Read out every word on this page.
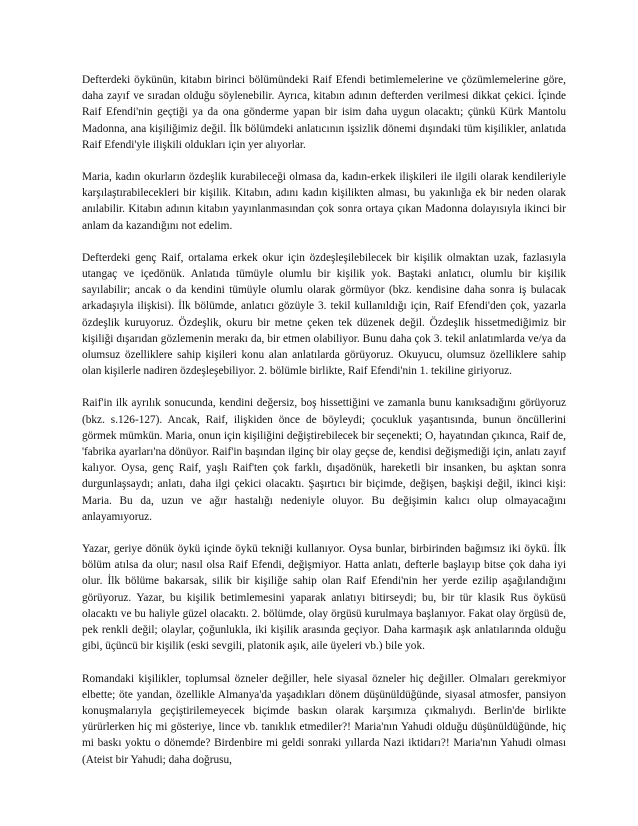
Defterdeki öykünün, kitabın birinci bölümündeki Raif Efendi betimlemelerine ve çözümlemelerine göre, daha zayıf ve sıradan olduğu söylenebilir. Ayrıca, kitabın adının defterden verilmesi dikkat çekici. İçinde Raif Efendi'nin geçtiği ya da ona gönderme yapan bir isim daha uygun olacaktı; çünkü Kürk Mantolu Madonna, ana kişiliğimiz değil. İlk bölümdeki anlatıcının işsizlik dönemi dışındaki tüm kişilikler, anlatıda Raif Efendi'yle ilişkili oldukları için yer alıyorlar.

Maria, kadın okurların özdeşlik kurabileceği olmasa da, kadın-erkek ilişkileri ile ilgili olarak kendileriyle karşılaştırabilecekleri bir kişilik. Kitabın, adını kadın kişilikten alması, bu yakınlığa ek bir neden olarak anılabilir. Kitabın adının kitabın yayınlanmasından çok sonra ortaya çıkan Madonna dolayısıyla ikinci bir anlam da kazandığını not edelim.

Defterdeki genç Raif, ortalama erkek okur için özdeşleşilebilecek bir kişilik olmaktan uzak, fazlasıyla utangaç ve içedönük. Anlatıda tümüyle olumlu bir kişilik yok. Baştaki anlatıcı, olumlu bir kişilik sayılabilir; ancak o da kendini tümüyle olumlu olarak görmüyor (bkz. kendisine daha sonra iş bulacak arkadaşıyla ilişkisi). İlk bölümde, anlatıcı gözüyle 3. tekil kullanıldığı için, Raif Efendi'den çok, yazarla özdeşlik kuruyoruz. Özdeşlik, okuru bir metne çeken tek düzenek değil. Özdeşlik hissetmediğimiz bir kişiliği dışarıdan gözlemenin merakı da, bir etmen olabiliyor. Bunu daha çok 3. tekil anlatımlarda ve/ya da olumsuz özelliklere sahip kişileri konu alan anlatılarda görüyoruz. Okuyucu, olumsuz özelliklere sahip olan kişilerle nadiren özdeşleşebiliyor. 2. bölümle birlikte, Raif Efendi'nin 1. tekiline giriyoruz.

Raif'in ilk ayrılık sonucunda, kendini değersiz, boş hissettiğini ve zamanla bunu kanıksadığını görüyoruz (bkz. s.126-127). Ancak, Raif, ilişkiden önce de böyleydi; çocukluk yaşantısında, bunun öncüllerini görmek mümkün. Maria, onun için kişiliğini değiştirebilecek bir seçenekti; O, hayatından çıkınca, Raif de, 'fabrika ayarları'na dönüyor. Raif'in başından ilginç bir olay geçse de, kendisi değişmediği için, anlatı zayıf kalıyor. Oysa, genç Raif, yaşlı Raif'ten çok farklı, dışadönük, hareketli bir insanken, bu aşktan sonra durgunlaşsaydı; anlatı, daha ilgi çekici olacaktı. Şaşırtıcı bir biçimde, değişen, başkişi değil, ikinci kişi: Maria. Bu da, uzun ve ağır hastalığı nedeniyle oluyor. Bu değişimin kalıcı olup olmayacağını anlayamıyoruz.

Yazar, geriye dönük öykü içinde öykü tekniği kullanıyor. Oysa bunlar, birbirinden bağımsız iki öykü. İlk bölüm atılsa da olur; nasıl olsa Raif Efendi, değişmiyor. Hatta anlatı, defterle başlayıp bitse çok daha iyi olur. İlk bölüme bakarsak, silik bir kişiliğe sahip olan Raif Efendi'nin her yerde ezilip aşağılandığını görüyoruz. Yazar, bu kişilik betimlemesini yaparak anlatıyı bitirseydi; bu, bir tür klasik Rus öyküsü olacaktı ve bu haliyle güzel olacaktı. 2. bölümde, olay örgüsü kurulmaya başlanıyor. Fakat olay örgüsü de, pek renkli değil; olaylar, çoğunlukla, iki kişilik arasında geçiyor. Daha karmaşık aşk anlatılarında olduğu gibi, üçüncü bir kişilik (eski sevgili, platonik aşık, aile üyeleri vb.) bile yok.

Romandaki kişilikler, toplumsal özneler değiller, hele siyasal özneler hiç değiller. Olmaları gerekmiyor elbette; öte yandan, özellikle Almanya'da yaşadıkları dönem düşünüldüğünde, siyasal atmosfer, pansiyon konuşmalarıyla geçiştirilemeyecek biçimde baskın olarak karşımıza çıkmalıydı. Berlin'de birlikte yürürlerken hiç mi gösteriye, lince vb. tanıklık etmediler?! Maria'nın Yahudi olduğu düşünüldüğünde, hiç mi baskı yoktu o dönemde? Birdenbire mi geldi sonraki yıllarda Nazi iktidarı?! Maria'nın Yahudi olması (Ateist bir Yahudi; daha doğrusu,
